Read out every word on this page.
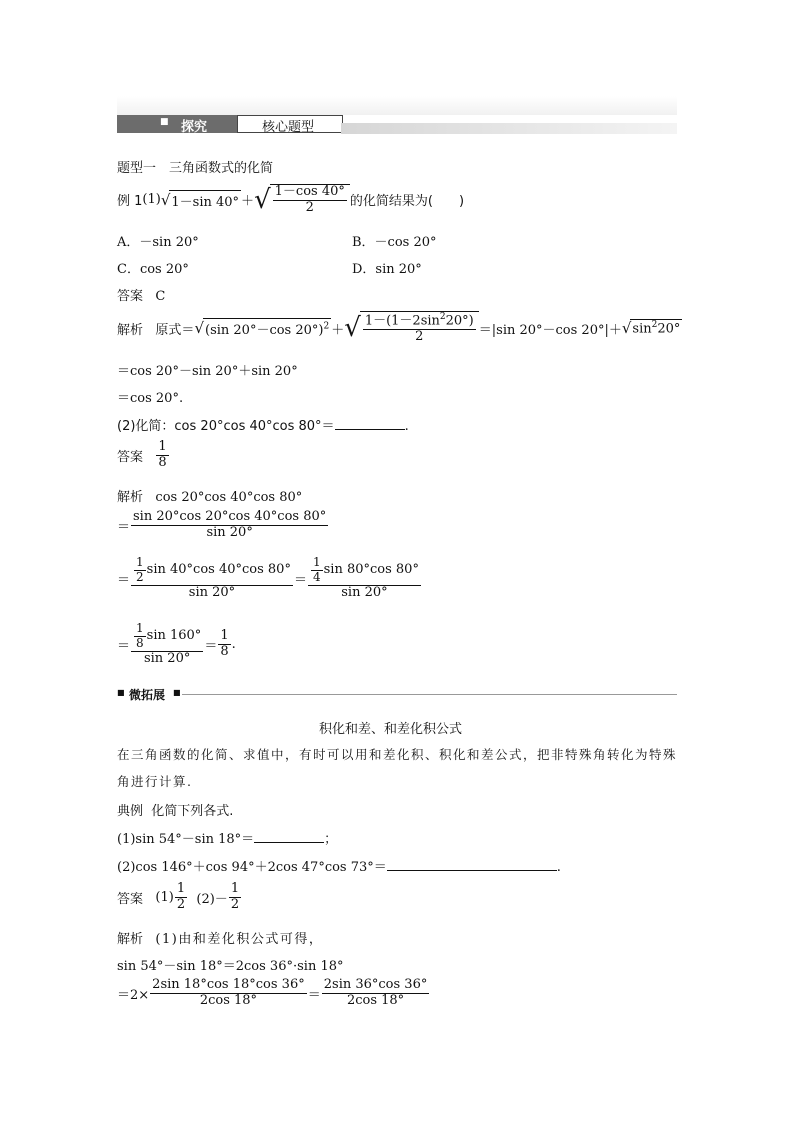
■ 探究	核心题型
题型一　三角函数式的化简
例 1 (1) √ 1－sin 40° ＋ √ $\frac{1-\cos 40^\circ}{2}$ 的化简结果为(　　)
A．－sin 20°	B．－cos 20°
C．cos 20°	D．sin 20°
答案 C
解析
原式＝ √ (sin 20°－cos 20°)$^2$ ＋ √ $\frac{1-(1-2\sin^220^\circ)}{2} =|\sin$ 20°－cos 20°|＋ √ $\sin^220^\circ$
＝cos 20°－sin 20°＋sin 20°
＝cos 20°.
(2)化简：cos 20°cos 40°cos 80°＝	.
答案
$\frac{1}{8}$
解析 cos 20°cos 40°cos 80°
＝ $\frac{\sin 20^\circ\cos 20^\circ\cos 40^\circ\cos 80^\circ}{\sin 20^\circ}$
＝ $\frac{\frac{1}{2} \sin 40^\circ\cos 40^\circ\cos 80^\circ}{\sin 20^\circ} = \frac{\frac{1}{4} \sin 80^\circ\cos 80^\circ}{\sin 20^\circ}$
＝ $\frac{\frac{1}{8} \sin 160^\circ}{\sin 20^\circ} = \frac{1}{8}$ .
■ 微拓展 ■
积化和差、和差化积公式
在三角函数的化简、求值中，有时可以用和差化积、积化和差公式，把非特殊角转化为特殊
角进行计算.
典例 化简下列各式.
(1)sin 54°－sin 18°＝	；
(2)cos 146°＋cos 94°＋2cos 47°cos 73°＝	.
答案
$(1) \frac{1}{2}$
$(2)- \frac{1}{2}$
解析 (1)由和差化积公式可得，
sin 54°－sin 18°＝2cos 36°·sin 18°
$=2\times \frac{2\sin 18^\circ\cos 18^\circ\cos 36^\circ}{2\cos 18^\circ} = \frac{2\sin 36^\circ\cos 36^\circ}{2\cos 18^\circ}$
